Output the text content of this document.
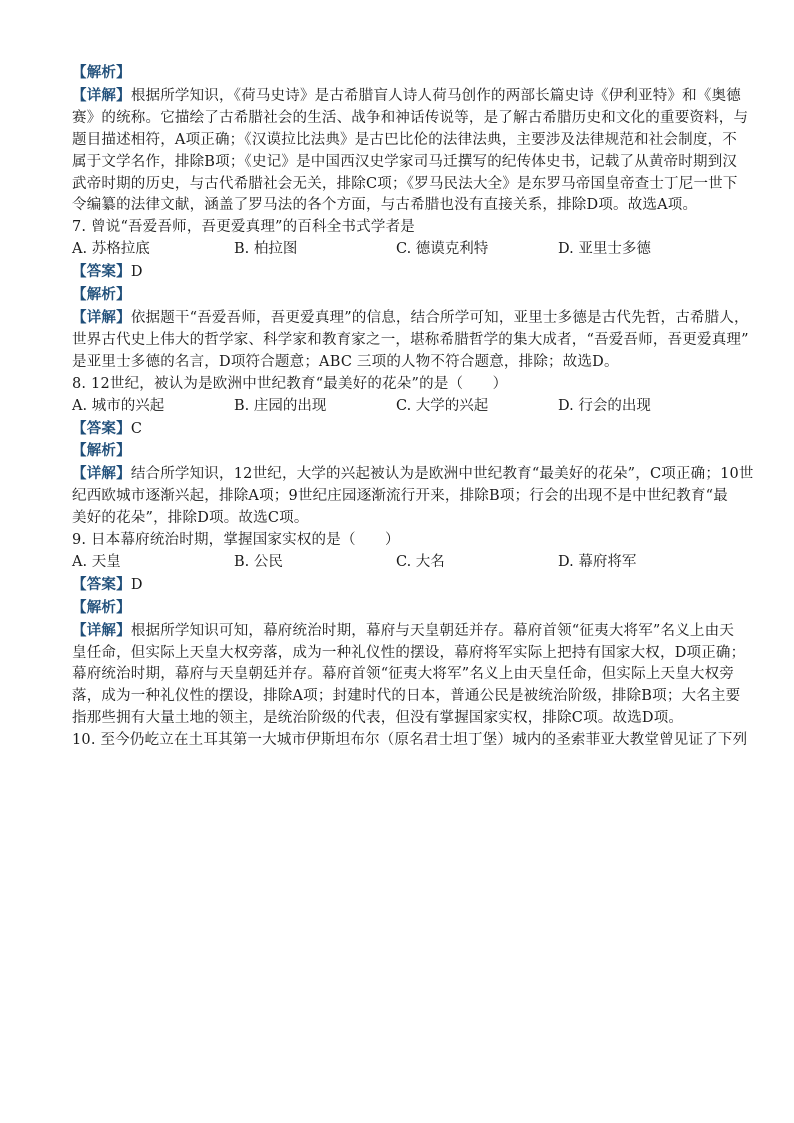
【解析】
【详解】根据所学知识，《荷马史诗》是古希腊盲人诗人荷马创作的两部长篇史诗《伊利亚特》和《奥德
赛》的统称。它描绘了古希腊社会的生活、战争和神话传说等，是了解古希腊历史和文化的重要资料，与
题目描述相符，A项正确；《汉谟拉比法典》是古巴比伦的法律法典，主要涉及法律规范和社会制度，不
属于文学名作，排除B项；《史记》是中国西汉史学家司马迁撰写的纪传体史书，记载了从黄帝时期到汉
武帝时期的历史，与古代希腊社会无关，排除C项；《罗马民法大全》是东罗马帝国皇帝查士丁尼一世下
令编纂的法律文献，涵盖了罗马法的各个方面，与古希腊也没有直接关系，排除D项。故选A项。
7. 曾说“吾爱吾师，吾更爱真理”的百科全书式学者是
A. 苏格拉底	B. 柏拉图	C. 德谟克利特	D. 亚里士多德
【答案】D
【解析】
【详解】依据题干“吾爱吾师，吾更爱真理”的信息，结合所学可知，亚里士多德是古代先哲，古希腊人，
世界古代史上伟大的哲学家、科学家和教育家之一，堪称希腊哲学的集大成者，“吾爱吾师，吾更爱真理”
是亚里士多德的名言，D项符合题意；ABC 三项的人物不符合题意，排除；故选D。
8. 12世纪，被认为是欧洲中世纪教育“最美好的花朵”的是（　　）
A. 城市的兴起	B. 庄园的出现	C. 大学的兴起	D. 行会的出现
【答案】C
【解析】
【详解】结合所学知识，12世纪，大学的兴起被认为是欧洲中世纪教育“最美好的花朵”，C项正确；10世
纪西欧城市逐渐兴起，排除A项；9世纪庄园逐渐流行开来，排除B项；行会的出现不是中世纪教育“最
美好的花朵”，排除D项。故选C项。
9. 日本幕府统治时期，掌握国家实权的是（　　）
A. 天皇	B. 公民	C. 大名	D. 幕府将军
【答案】D
【解析】
【详解】根据所学知识可知，幕府统治时期，幕府与天皇朝廷并存。幕府首领“征夷大将军”名义上由天
皇任命，但实际上天皇大权旁落，成为一种礼仪性的摆设，幕府将军实际上把持有国家大权，D项正确；
幕府统治时期，幕府与天皇朝廷并存。幕府首领“征夷大将军”名义上由天皇任命，但实际上天皇大权旁
落，成为一种礼仪性的摆设，排除A项；封建时代的日本，普通公民是被统治阶级，排除B项；大名主要
指那些拥有大量土地的领主，是统治阶级的代表，但没有掌握国家实权，排除C项。故选D项。
10. 至今仍屹立在土耳其第一大城市伊斯坦布尔（原名君士坦丁堡）城内的圣索菲亚大教堂曾见证了下列
